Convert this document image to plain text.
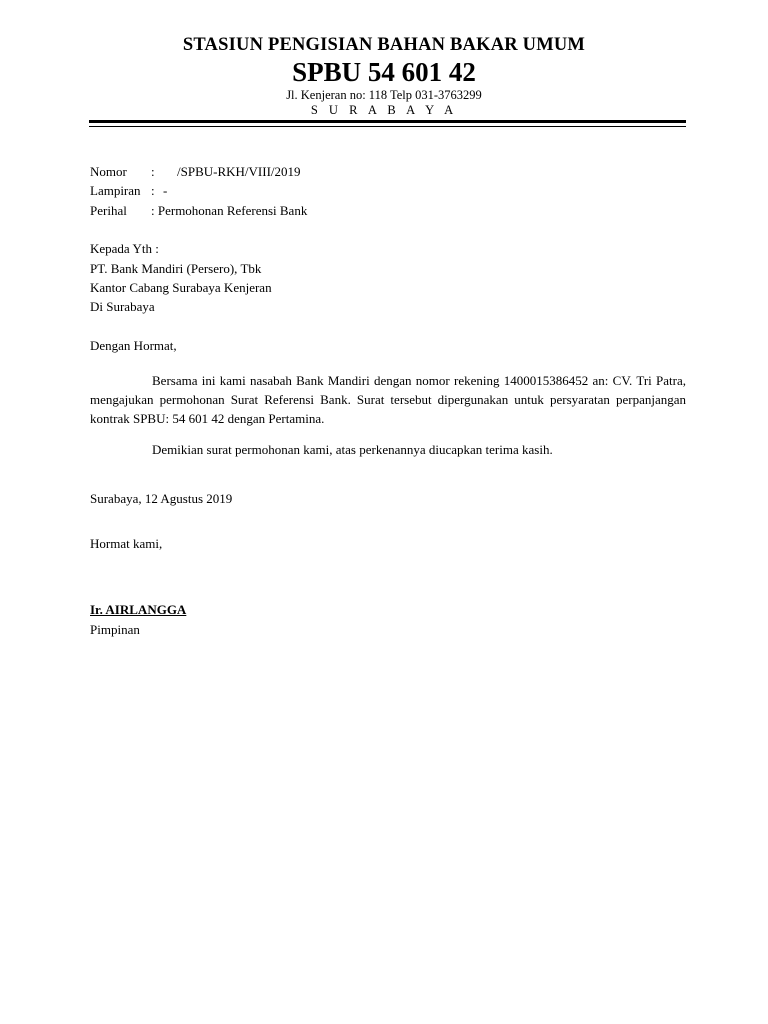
STASIUN PENGISIAN BAHAN BAKAR UMUM
SPBU 54 601 42
Jl. Kenjeran no: 118 Telp 031-3763299
S U R A B A Y A
Nomor : /SPBU-RKH/VIII/2019
Lampiran : -
Perihal : Permohonan Referensi Bank
Kepada Yth :
PT. Bank Mandiri (Persero), Tbk
Kantor Cabang Surabaya Kenjeran
Di Surabaya
Dengan Hormat,
Bersama ini kami nasabah Bank Mandiri dengan nomor rekening 1400015386452 an: CV. Tri Patra, mengajukan permohonan Surat Referensi Bank. Surat tersebut dipergunakan untuk persyaratan perpanjangan kontrak SPBU: 54 601 42 dengan Pertamina.
Demikian surat permohonan kami, atas perkenannya diucapkan terima kasih.
Surabaya, 12 Agustus 2019
Hormat kami,
Ir. AIRLANGGA
Pimpinan
